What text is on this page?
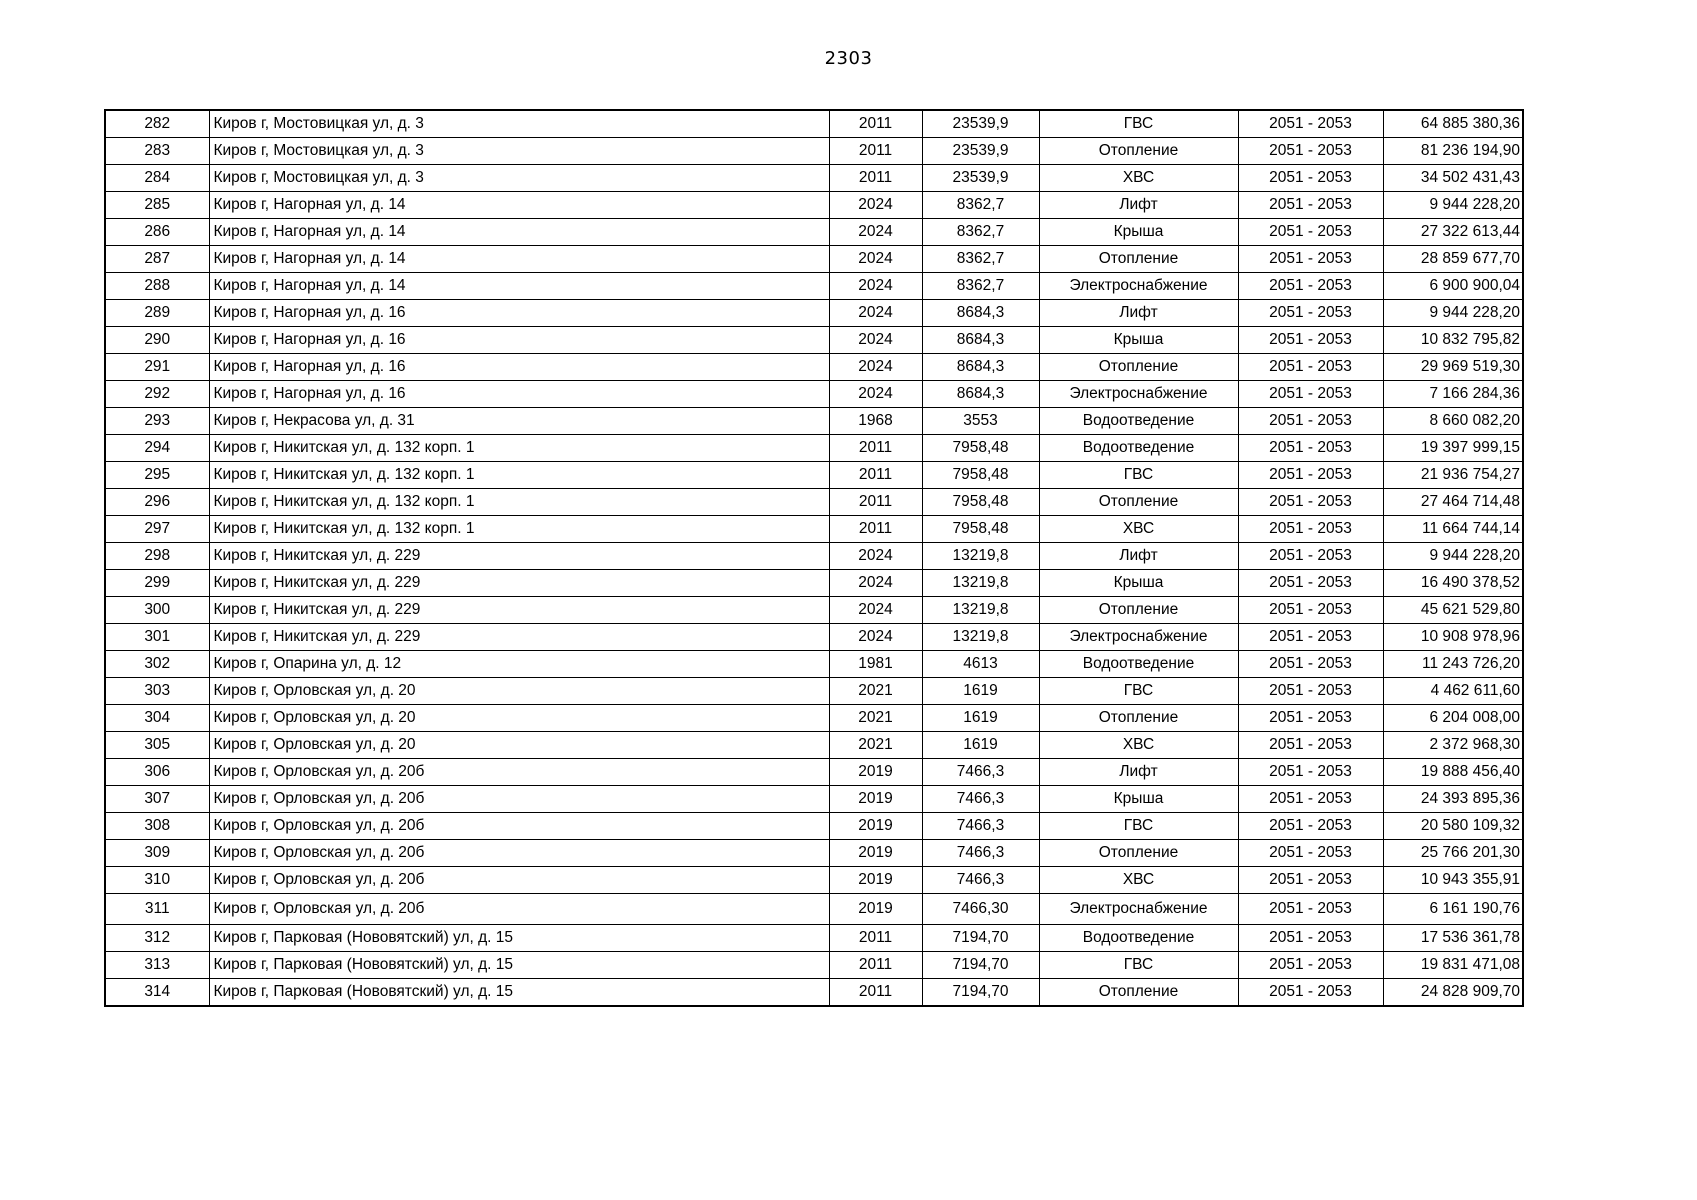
2303
282	Киров г, Мостовицкая ул, д. 3	2011	23539,9	ГВС	2051 - 2053	64 885 380,36
283	Киров г, Мостовицкая ул, д. 3	2011	23539,9	Отопление	2051 - 2053	81 236 194,90
284	Киров г, Мостовицкая ул, д. 3	2011	23539,9	ХВС	2051 - 2053	34 502 431,43
285	Киров г, Нагорная ул, д. 14	2024	8362,7	Лифт	2051 - 2053	9 944 228,20
286	Киров г, Нагорная ул, д. 14	2024	8362,7	Крыша	2051 - 2053	27 322 613,44
287	Киров г, Нагорная ул, д. 14	2024	8362,7	Отопление	2051 - 2053	28 859 677,70
288	Киров г, Нагорная ул, д. 14	2024	8362,7	Электроснабжение	2051 - 2053	6 900 900,04
289	Киров г, Нагорная ул, д. 16	2024	8684,3	Лифт	2051 - 2053	9 944 228,20
290	Киров г, Нагорная ул, д. 16	2024	8684,3	Крыша	2051 - 2053	10 832 795,82
291	Киров г, Нагорная ул, д. 16	2024	8684,3	Отопление	2051 - 2053	29 969 519,30
292	Киров г, Нагорная ул, д. 16	2024	8684,3	Электроснабжение	2051 - 2053	7 166 284,36
293	Киров г, Некрасова ул, д. 31	1968	3553	Водоотведение	2051 - 2053	8 660 082,20
294	Киров г, Никитская ул, д. 132 корп. 1	2011	7958,48	Водоотведение	2051 - 2053	19 397 999,15
295	Киров г, Никитская ул, д. 132 корп. 1	2011	7958,48	ГВС	2051 - 2053	21 936 754,27
296	Киров г, Никитская ул, д. 132 корп. 1	2011	7958,48	Отопление	2051 - 2053	27 464 714,48
297	Киров г, Никитская ул, д. 132 корп. 1	2011	7958,48	ХВС	2051 - 2053	11 664 744,14
298	Киров г, Никитская ул, д. 229	2024	13219,8	Лифт	2051 - 2053	9 944 228,20
299	Киров г, Никитская ул, д. 229	2024	13219,8	Крыша	2051 - 2053	16 490 378,52
300	Киров г, Никитская ул, д. 229	2024	13219,8	Отопление	2051 - 2053	45 621 529,80
301	Киров г, Никитская ул, д. 229	2024	13219,8	Электроснабжение	2051 - 2053	10 908 978,96
302	Киров г, Опарина ул, д. 12	1981	4613	Водоотведение	2051 - 2053	11 243 726,20
303	Киров г, Орловская ул, д. 20	2021	1619	ГВС	2051 - 2053	4 462 611,60
304	Киров г, Орловская ул, д. 20	2021	1619	Отопление	2051 - 2053	6 204 008,00
305	Киров г, Орловская ул, д. 20	2021	1619	ХВС	2051 - 2053	2 372 968,30
306	Киров г, Орловская ул, д. 20б	2019	7466,3	Лифт	2051 - 2053	19 888 456,40
307	Киров г, Орловская ул, д. 20б	2019	7466,3	Крыша	2051 - 2053	24 393 895,36
308	Киров г, Орловская ул, д. 20б	2019	7466,3	ГВС	2051 - 2053	20 580 109,32
309	Киров г, Орловская ул, д. 20б	2019	7466,3	Отопление	2051 - 2053	25 766 201,30
310	Киров г, Орловская ул, д. 20б	2019	7466,3	ХВС	2051 - 2053	10 943 355,91
311	Киров г, Орловская ул, д. 20б	2019	7466,30	Электроснабжение	2051 - 2053	6 161 190,76
312	Киров г, Парковая (Нововятский) ул, д. 15	2011	7194,70	Водоотведение	2051 - 2053	17 536 361,78
313	Киров г, Парковая (Нововятский) ул, д. 15	2011	7194,70	ГВС	2051 - 2053	19 831 471,08
314	Киров г, Парковая (Нововятский) ул, д. 15	2011	7194,70	Отопление	2051 - 2053	24 828 909,70
